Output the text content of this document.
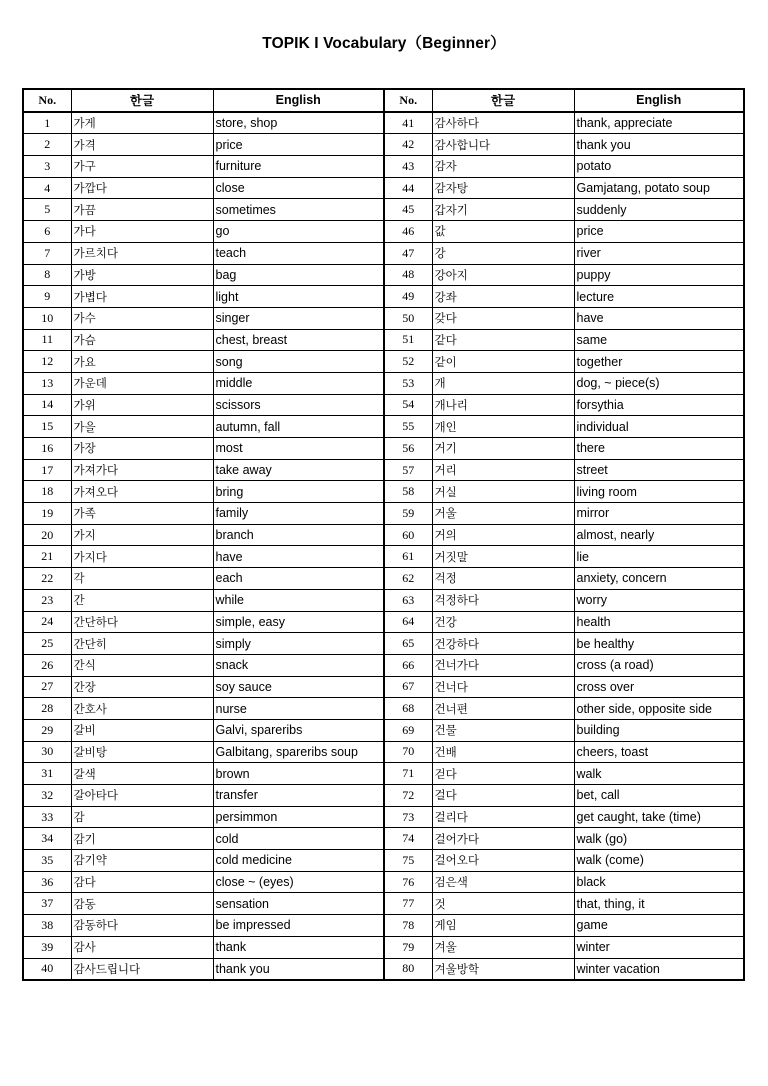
TOPIK I Vocabulary（Beginner）
No.	한글	English
1	가게	store, shop
2	가격	price
3	가구	furniture
4	가깝다	close
5	가끔	sometimes
6	가다	go
7	가르치다	teach
8	가방	bag
9	가볍다	light
10	가수	singer
11	가슴	chest, breast
12	가요	song
13	가운데	middle
14	가위	scissors
15	가을	autumn, fall
16	가장	most
17	가져가다	take away
18	가져오다	bring
19	가족	family
20	가지	branch
21	가지다	have
22	각	each
23	간	while
24	간단하다	simple, easy
25	간단히	simply
26	간식	snack
27	간장	soy sauce
28	간호사	nurse
29	갈비	Galvi, spareribs
30	갈비탕	Galbitang, spareribs soup
31	갈색	brown
32	갈아타다	transfer
33	감	persimmon
34	감기	cold
35	감기약	cold medicine
36	감다	close ~ (eyes)
37	감동	sensation
38	감동하다	be impressed
39	감사	thank
40	감사드립니다	thank you
No.	한글	English
41	감사하다	thank, appreciate
42	감사합니다	thank you
43	감자	potato
44	감자탕	Gamjatang, potato soup
45	갑자기	suddenly
46	값	price
47	강	river
48	강아지	puppy
49	강좌	lecture
50	갖다	have
51	같다	same
52	같이	together
53	개	dog, ~ piece(s)
54	개나리	forsythia
55	개인	individual
56	거기	there
57	거리	street
58	거실	living room
59	거울	mirror
60	거의	almost, nearly
61	거짓말	lie
62	걱정	anxiety, concern
63	걱정하다	worry
64	건강	health
65	건강하다	be healthy
66	건너가다	cross (a road)
67	건너다	cross over
68	건너편	other side, opposite side
69	건물	building
70	건배	cheers, toast
71	걷다	walk
72	걸다	bet, call
73	걸리다	get caught, take (time)
74	걸어가다	walk (go)
75	걸어오다	walk (come)
76	검은색	black
77	것	that, thing, it
78	게임	game
79	겨울	winter
80	겨울방학	winter vacation
